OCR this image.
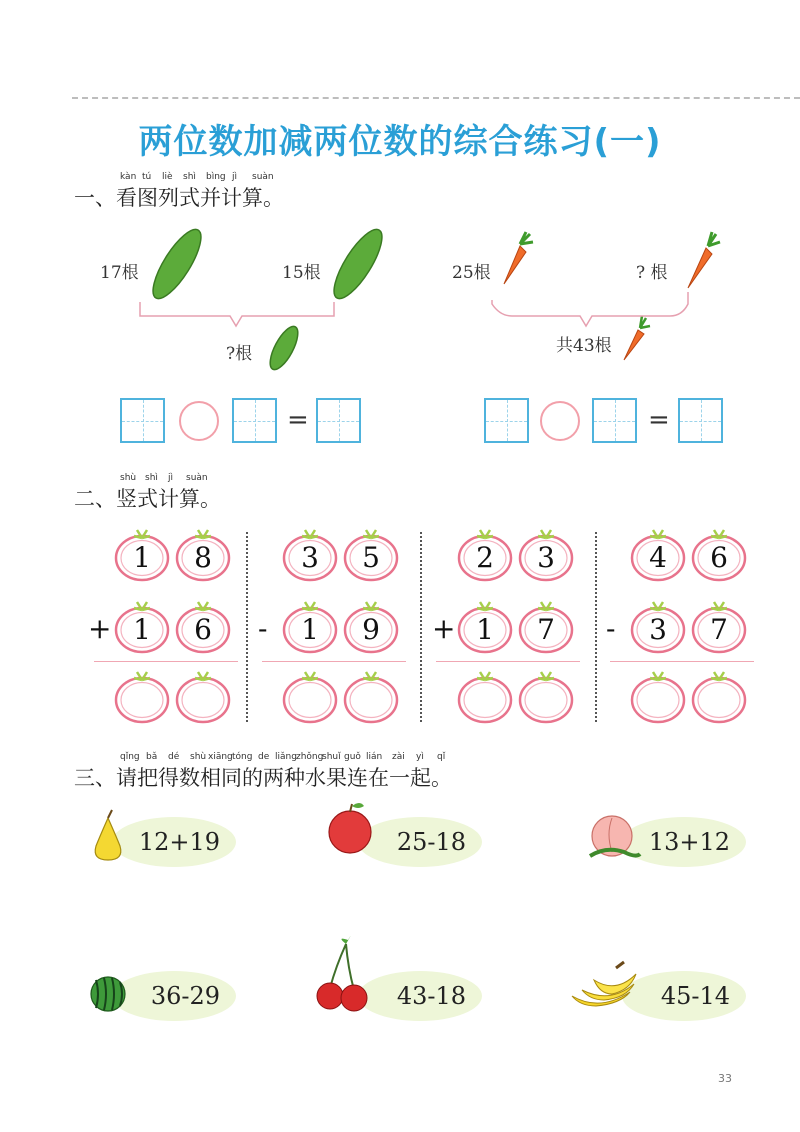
两位数加减两位数的综合练习(一)
kàn tú liè shì bìng jì suàn
一、看图列式并计算。
17根	15根
?根
25根	? 根
共43根
=	=
shù shì jì suàn
二、竖式计算。
1	8
+ 1	6
3	5
-	1	9
2	3
+ 1	7
4	6
-	3	7
qǐng bǎ dé shù xiāng tóng de liǎng zhǒng
shuǐ guǒ lián zài yì qǐ
三、请把得数相同的两种水果连在一起。
12+19	25-18	13+12
36-29	43-18	45-14
33
